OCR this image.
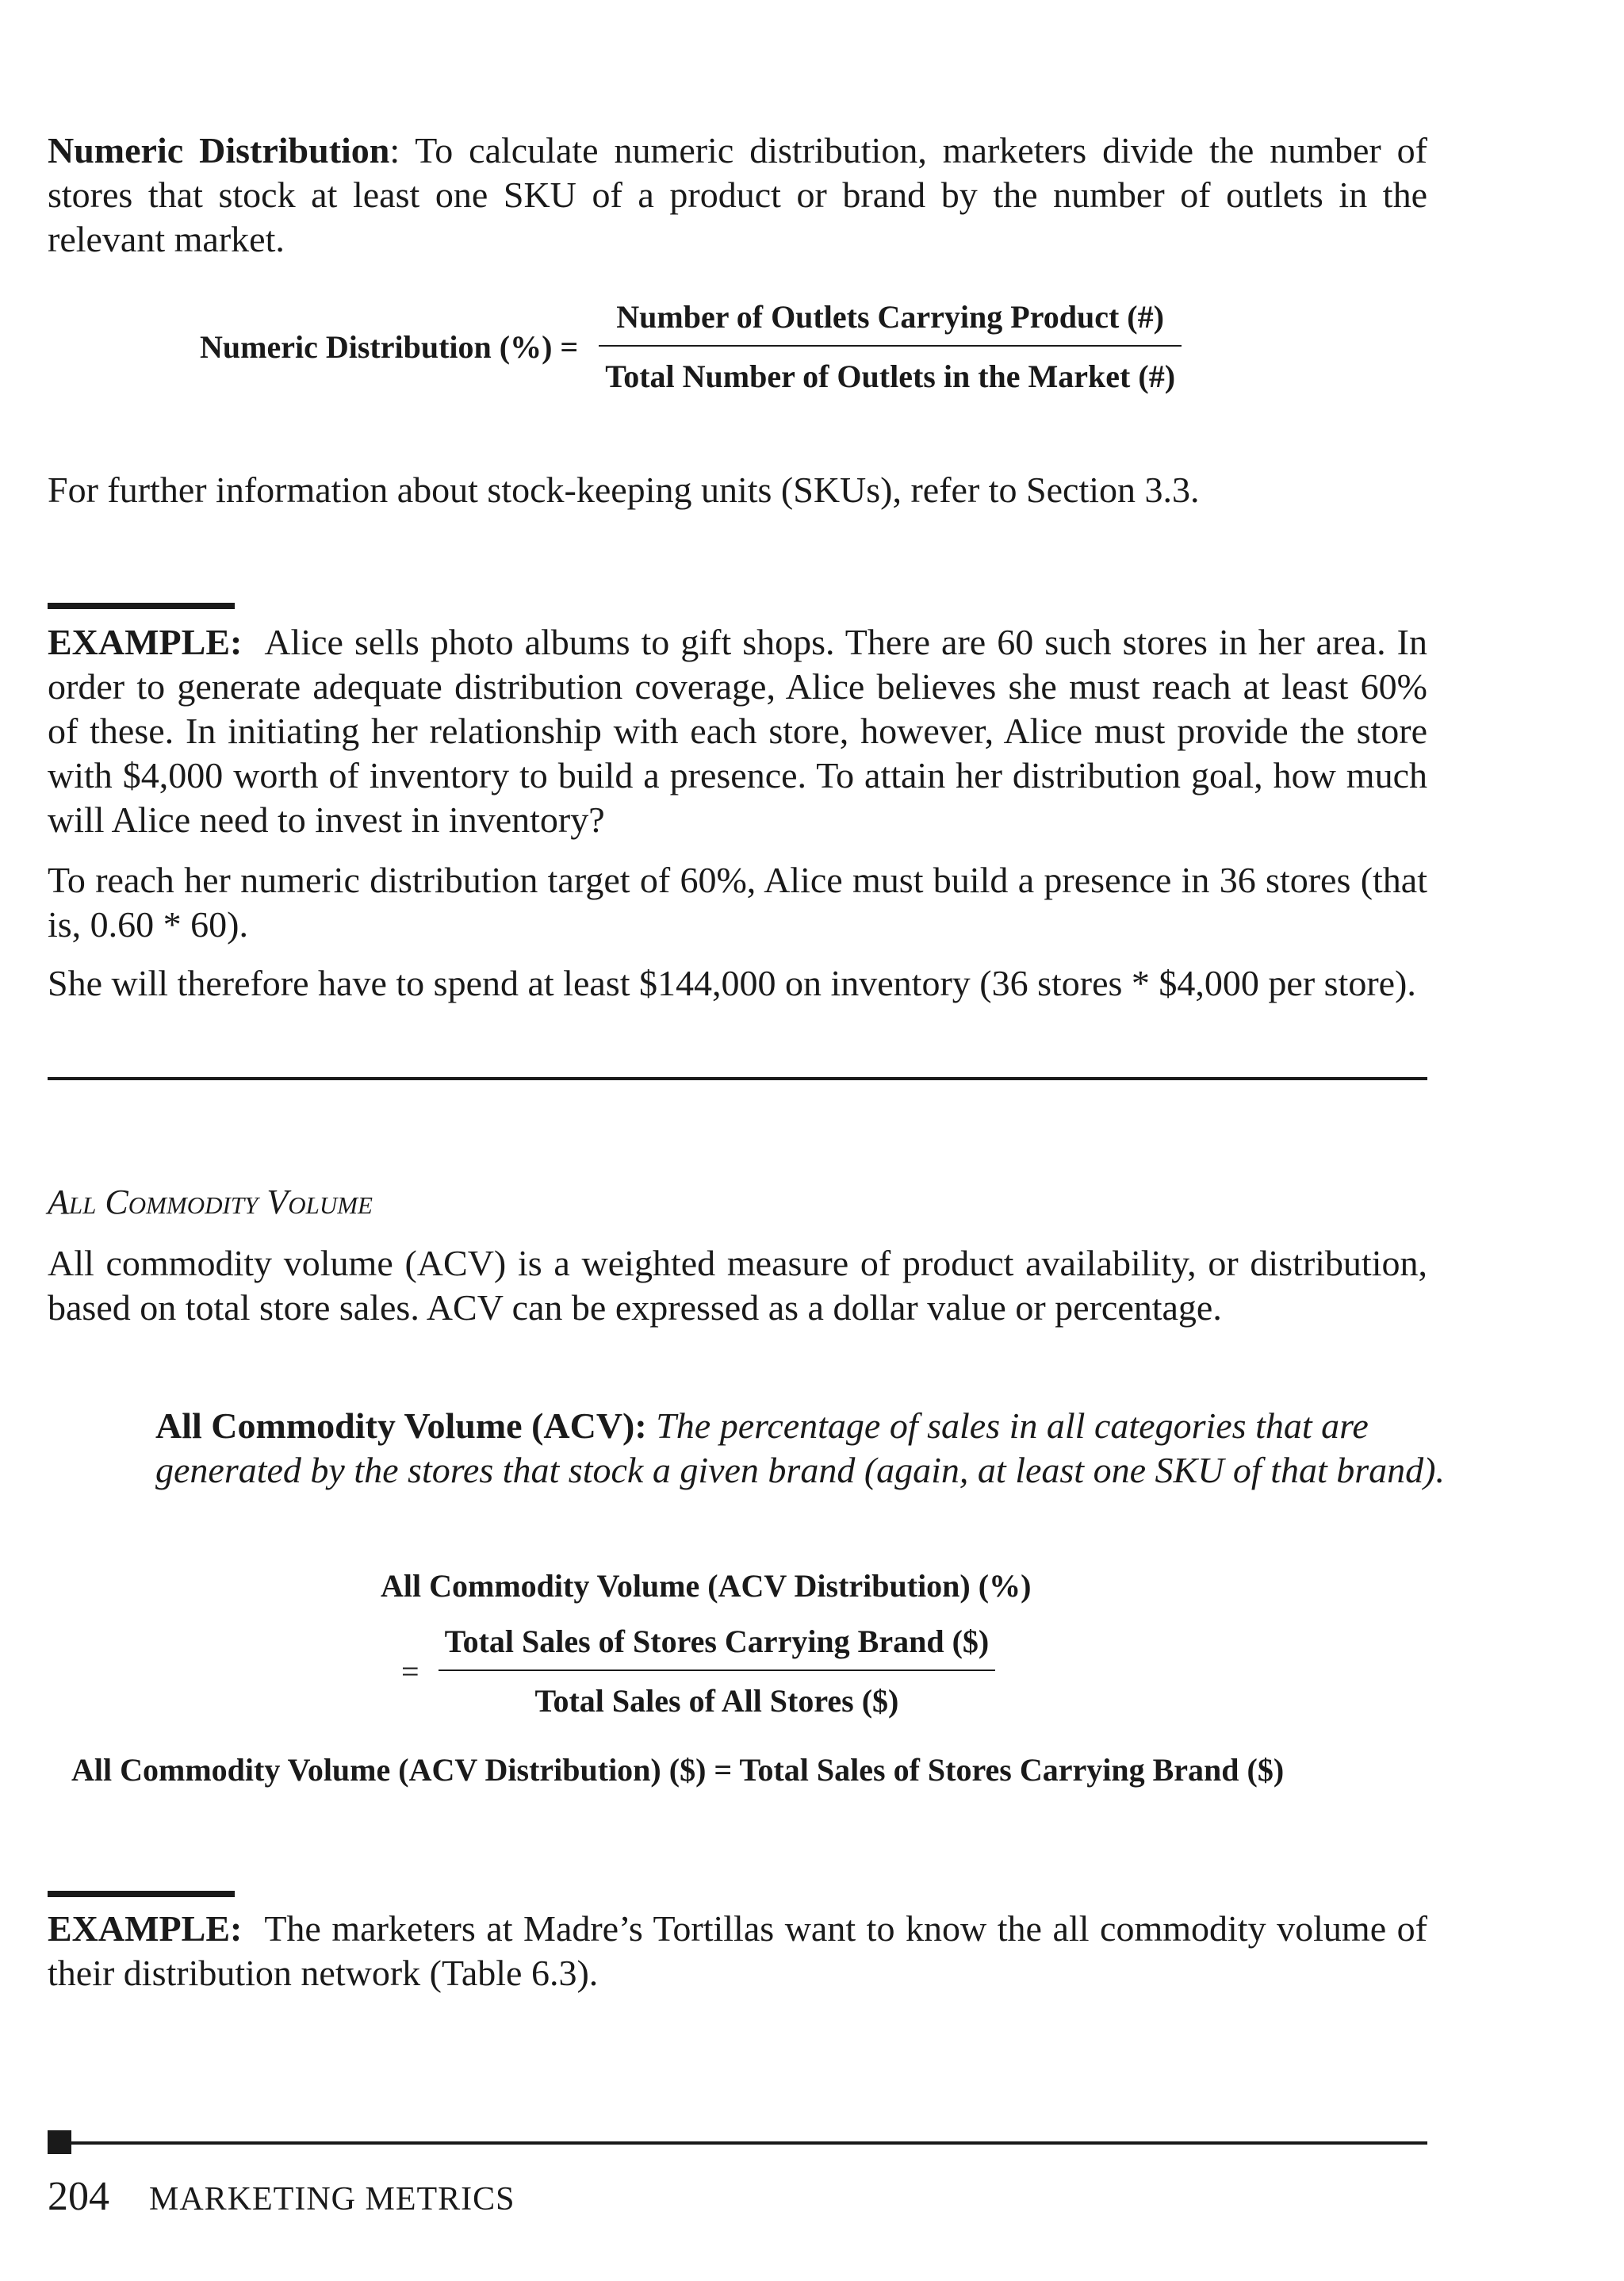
Numeric Distribution: To calculate numeric distribution, marketers divide the number of stores that stock at least one SKU of a product or brand by the number of outlets in the relevant market.

Numeric Distribution (%) = $\frac{\text{Number of Outlets Carrying Product (\#)}}{\text{Total Number of Outlets in the Market (\#)}}$

For further information about stock-keeping units (SKUs), refer to Section 3.3.

EXAMPLE: Alice sells photo albums to gift shops. There are 60 such stores in her area. In order to generate adequate distribution coverage, Alice believes she must reach at least 60% of these. In initiating her relationship with each store, however, Alice must provide the store with $4,000 worth of inventory to build a presence. To attain her distribution goal, how much will Alice need to invest in inventory?

To reach her numeric distribution target of 60%, Alice must build a presence in 36 stores (that is, 0.60 * 60).

She will therefore have to spend at least $144,000 on inventory (36 stores * $4,000 per store).

All Commodity Volume

All commodity volume (ACV) is a weighted measure of product availability, or distribution, based on total store sales. ACV can be expressed as a dollar value or percentage.

All Commodity Volume (ACV): The percentage of sales in all categories that are generated by the stores that stock a given brand (again, at least one SKU of that brand).

All Commodity Volume (ACV Distribution) (%)
= $\frac{\text{Total Sales of Stores Carrying Brand (\$)}}{\text{Total Sales of All Stores (\$)}}$
All Commodity Volume (ACV Distribution) ($) = Total Sales of Stores Carrying Brand ($)

EXAMPLE: The marketers at Madre’s Tortillas want to know the all commodity volume of their distribution network (Table 6.3).

204 MARKETING METRICS
